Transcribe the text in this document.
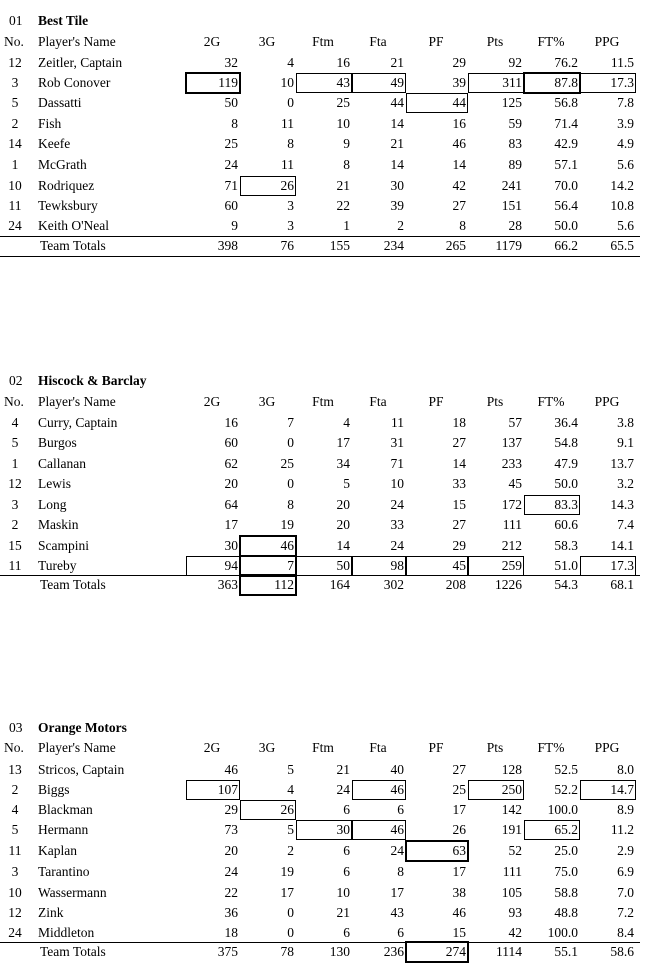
01 Best Tile
No. Player's Name	2G	3G	Ftm	Fta	PF	Pts	FT%	PPG
12	Zeitler, Captain	32	4	16	21	29	92	76.2	11.5
3	Rob Conover	119	10	43	49	39	311	87.8	17.3
5	Dassatti	50	0	25	44	44	125	56.8	7.8
2	Fish	8	11	10	14	16	59	71.4	3.9
14	Keefe	25	8	9	21	46	83	42.9	4.9
1	McGrath	24	11	8	14	14	89	57.1	5.6
10	Rodriquez	71	26	21	30	42	241	70.0	14.2
11	Tewksbury	60	3	22	39	27	151	56.4	10.8
24	Keith O'Neal	9	3	1	2	8	28	50.0	5.6
Team Totals	398	76	155	234	265	1179	66.2	65.5
02 Hiscock & Barclay
No. Player's Name	2G	3G	Ftm	Fta	PF	Pts	FT%	PPG
4	Curry, Captain	16	7	4	11	18	57	36.4	3.8
5	Burgos	60	0	17	31	27	137	54.8	9.1
1	Callanan	62	25	34	71	14	233	47.9	13.7
12	Lewis	20	0	5	10	33	45	50.0	3.2
3	Long	64	8	20	24	15	172	83.3	14.3
2	Maskin	17	19	20	33	27	111	60.6	7.4
15	Scampini	30	46	14	24	29	212	58.3	14.1
11	Tureby	94	7	50	98	45	259	51.0	17.3
Team Totals	363	112	164	302	208	1226	54.3	68.1
03 Orange Motors
No. Player's Name	2G	3G	Ftm	Fta	PF	Pts	FT%	PPG
13	Stricos, Captain	46	5	21	40	27	128	52.5	8.0
2	Biggs	107	4	24	46	25	250	52.2	14.7
4	Blackman	29	26	6	6	17	142	100.0	8.9
5	Hermann	73	5	30	46	26	191	65.2	11.2
11	Kaplan	20	2	6	24	63	52	25.0	2.9
3	Tarantino	24	19	6	8	17	111	75.0	6.9
10	Wassermann	22	17	10	17	38	105	58.8	7.0
12	Zink	36	0	21	43	46	93	48.8	7.2
24	Middleton	18	0	6	6	15	42	100.0	8.4
Team Totals	375	78	130	236	274	1114	55.1	58.6
